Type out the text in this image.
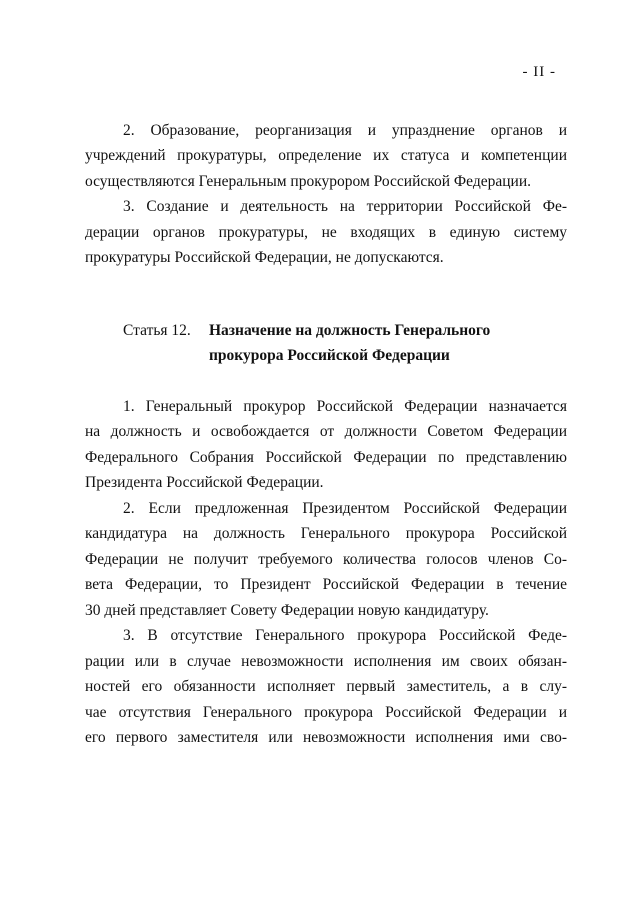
- II -
2. Образование, реорганизация и упразднение органов и
учреждений прокуратуры, определение их статуса и компетенции
осуществляются Генеральным прокурором Российской Федерации.
3. Создание и деятельность на территории Российской Фе-
дерации органов прокуратуры, не входящих в единую систему
прокуратуры Российской Федерации, не допускаются.
Статья 12. Назначение на должность Генерального
прокурора Российской Федерации
1. Генеральный прокурор Российской Федерации назначается
на должность и освобождается от должности Советом Федерации
Федерального Собрания Российской Федерации по представлению
Президента Российской Федерации.
2. Если предложенная Президентом Российской Федерации
кандидатура на должность Генерального прокурора Российской
Федерации не получит требуемого количества голосов членов Со-
вета Федерации, то Президент Российской Федерации в течение
30 дней представляет Совету Федерации новую кандидатуру.
3. В отсутствие Генерального прокурора Российской Феде-
рации или в случае невозможности исполнения им своих обязан-
ностей его обязанности исполняет первый заместитель, а в слу-
чае отсутствия Генерального прокурора Российской Федерации и
его первого заместителя или невозможности исполнения ими сво-
